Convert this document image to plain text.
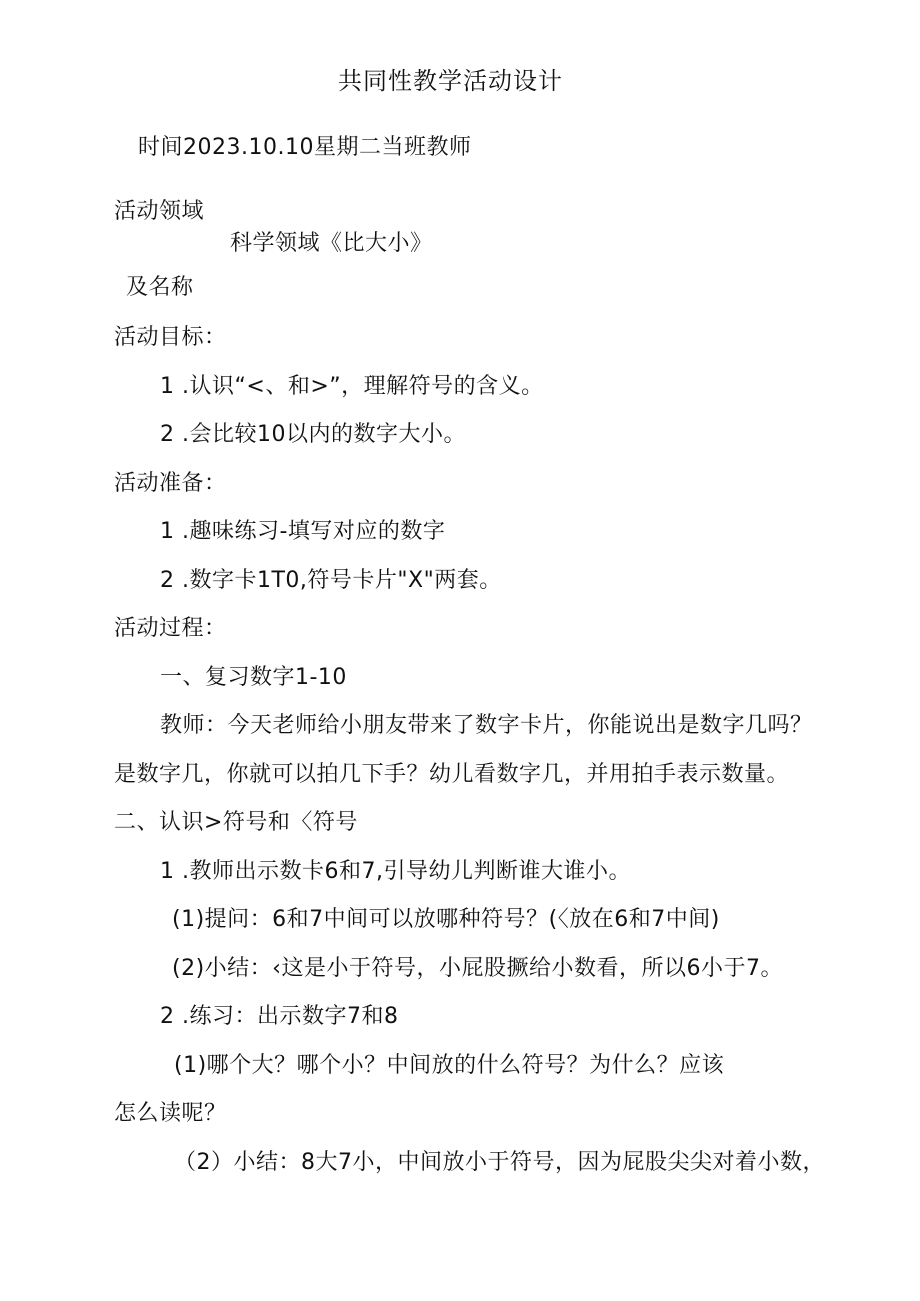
共同性教学活动设计
时间2023.10.10星期二当班教师
活动领域
科学领域《比大小》
及名称
活动目标：
1 .认识“<、和>”，理解符号的含义。
2 .会比较10以内的数字大小。
活动准备：
1 .趣味练习-填写对应的数字
2 .数字卡1T0,符号卡片"X"两套。
活动过程：
一、复习数字1-10
教师：今天老师给小朋友带来了数字卡片，你能说出是数字几吗？
是数字几，你就可以拍几下手？幼儿看数字几，并用拍手表示数量。
二、认识>符号和〈符号
1 .教师出示数卡6和7,引导幼儿判断谁大谁小。
(1)提问：6和7中间可以放哪种符号？(〈放在6和7中间)
(2)小结：‹这是小于符号，小屁股撅给小数看，所以6小于7。
2 .练习：出示数字7和8
(1)哪个大？哪个小？中间放的什么符号？为什么？应该
怎么读呢？
（2）小结：8大7小，中间放小于符号，因为屁股尖尖对着小数，
